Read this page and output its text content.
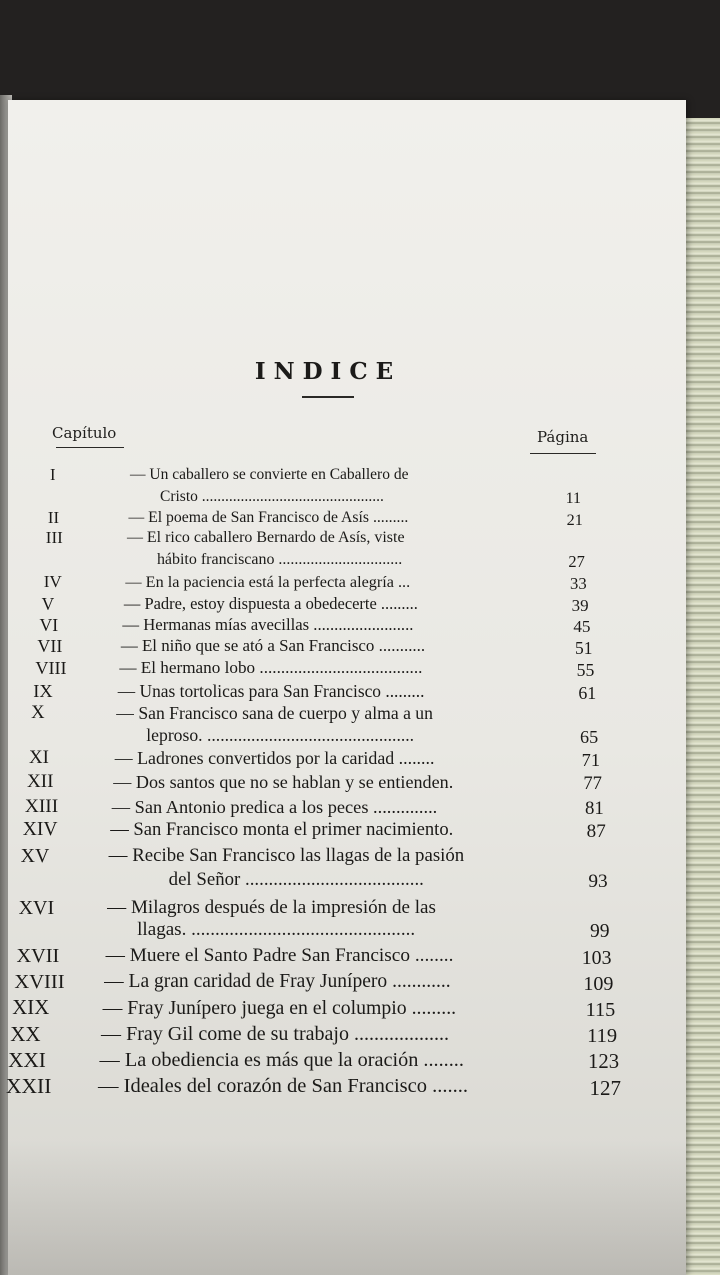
INDICE
Capítulo	Página
I	— Un caballero se convierte en Caballero de
Cristo ...............................................	11
II	— El poema de San Francisco de Asís .........	21
III	— El rico caballero Bernardo de Asís, viste
hábito franciscano ...............................	27
IV	— En la paciencia está la perfecta alegría ...	33
V	— Padre, estoy dispuesta a obedecerte .........	39
VI	— Hermanas mías avecillas ........................	45
VII	— El niño que se ató a San Francisco ...........	51
VIII	— El hermano lobo ......................................	55
IX	— Unas tortolicas para San Francisco .........	61
X	— San Francisco sana de cuerpo y alma a un
leproso. ...............................................	65
XI	— Ladrones convertidos por la caridad ........	71
XII	— Dos santos que no se hablan y se entienden.	77
XIII	— San Antonio predica a los peces ..............	81
XIV	— San Francisco monta el primer nacimiento.	87
XV	— Recibe San Francisco las llagas de la pasión
del Señor ......................................	93
XVI	— Milagros después de la impresión de las
llagas. ...............................................	99
XVII — Muere el Santo Padre San Francisco ........	103
XVIII — La gran caridad de Fray Junípero ............	109
XIX	— Fray Junípero juega en el columpio .........	115
XX	— Fray Gil come de su trabajo ...................	119
XXI	— La obediencia es más que la oración ........	123
XXII — Ideales del corazón de San Francisco .......	127
